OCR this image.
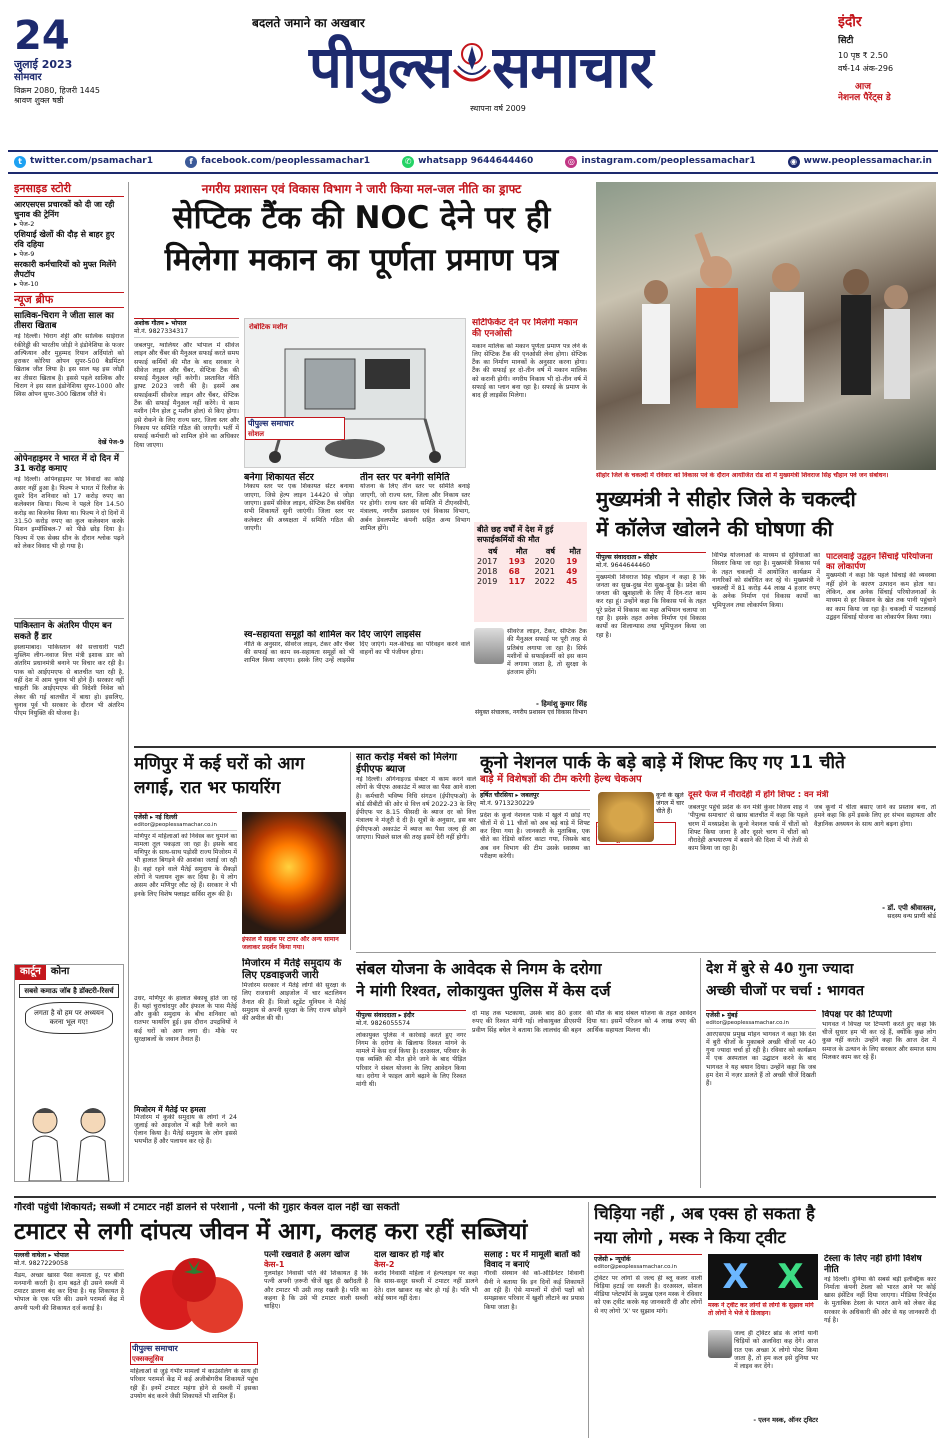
24
जुलाई 2023
सोमवार
विक्रम 2080, हिजरी 1445
श्रावण शुक्ल षष्ठी
बदलते जमाने का अखबार
पीपुल्स समाचार
स्थापना वर्ष 2009
इंदौर
सिटी
10 पृष्ठ ₹ 2.50
वर्ष-14 अंक-296
आज
नेशनल पैरेंट्स डे
t twitter.com/psamachar1	f facebook.com/peoplessamachar1	✆ whatsapp 9644644460	◎ instagram.com/peoplessamachar1	◉ www.peoplessamachar.in
इनसाइड स्टोरी
आरएसएस प्रचारकों को दी जा रही चुनाव की ट्रेनिंग
▸ पेज-2
एशियाई खेलों की दौड़ से बाहर हुए रवि दहिया
▸ पेज-9
सरकारी कर्मचारियों को मुफ्त मिलेंगे लैपटॉप
▸ पेज-10
न्यूज ब्रीफ
सात्विक-चिराग ने जीता साल का तीसरा खिताब
नई दिल्ली। चिराग शेट्टी और सात्विक साईराज रंकीरेड्डी की भारतीय जोड़ी ने इंडोनेशिया के फजर अल्फियान और मुहम्मद रियान अर्दियांतो को हराकर कोरिया ओपन सुपर-500 बैडमिंटन खिताब जीत लिया है। इस साल यह इस जोड़ी का तीसरा खिताब है। इससे पहले सात्विक और चिराग ने इस साल इंडोनेशिया सुपर-1000 और स्विस ओपन सुपर-300 खिताब जीते थे।
देखें पेज-9
ओपेनहाइमर ने भारत में दो दिन में 31 करोड़ कमाए
नई दिल्ली। ओपेनहाइमर पर विवादों का कोई असर नहीं हुआ है। फिल्म ने भारत में रिलीज के दूसरे दिन शनिवार को 17 करोड़ रुपए का कलेक्शन किया। फिल्म ने पहले दिन 14.50 करोड़ का बिजनेस किया था। फिल्म ने दो दिनों में 31.50 करोड़ रुपए का कुल कलेक्शन करके मिशन इम्पॉसिबल-7 को पीछे छोड़ दिया है। फिल्म में एक सेक्स सीन के दौरान श्लोक पढ़ने को लेकर विवाद भी हो गया है।
पाकिस्तान के अंतरिम पीएम बन सकते हैं डार
इस्लामाबाद। पाकिस्तान की सत्ताधारी पार्टी मुस्लिम लीग-नवाज वित्त मंत्री इशाक डार को अंतरिम प्रधानमंत्री बनाने पर विचार कर रही है। पाक को आईएमएफ से बातचीत पता रही है, वहीं देश में आम चुनाव भी होने हैं। सरकार नहीं चाहती कि आईएमएफ की विदेशी निवेश को लेकर की गई बातचीत में बाधा हो। इसलिए, चुनाव पूर्व भी सरकार के दौरान भी अंतरिम पीएम नियुक्ति की योजना है।
कार्टून	कोना
सबसे कमाऊ जॉब है डॉक्टरी-रिसर्च
लगता है वो हम पर अध्ययन करना भूल गए!
नगरीय प्रशासन एवं विकास विभाग ने जारी किया मल-जल नीति का ड्राफ्ट
सेप्टिक टैंक की NOC देने पर ही
मिलेगा मकान का पूर्णता प्रमाण पत्र
अशोक गौतम ▸ भोपाल
मो.नं. 9827334317
रोबोटिक मशीन
पीपुल्स समाचार
सोशल
जबलपुर, ग्वालियर और भोपाल में सीवेज लाइन और चैंबर की मैनुअल सफाई करते समय सफाई कर्मियों की मौत के बाद सरकार ने सीवेज लाइन और चैंबर, सेप्टिक टैंक की सफाई मैनुअल नहीं करेगी। प्रस्तावित नीति ड्राफ्ट 2023 जारी की है। इसमें अब सफाईकर्मी सीवरेज लाइन और चैंबर, सेप्टिक टैंक की सफाई मैनुअल नहीं करेंगे। ये काम मशीन (मैन होल टू मशीन होल) से किए होगा। इसे रोकने के लिए राज्य स्तर, जिला स्तर और निकाय पर समिति गठित की जाएगी। भर्ती में सफाई कर्मचारी को शामिल होने का अधिकार दिया जाएगा।
सर्टिफिकेट देने पर मिलेगी मकान की एनओसी
मकान मालिक को मकान पूर्णता प्रमाण पत्र लेने के लिए सेप्टिक टैंक की एनओसी लेना होगा। सेप्टिक टैंक का निर्माण मानकों के अनुसार करना होगा। टैंक की सफाई हर दो-तीन वर्ष में मकान मालिक को करानी होगी। नगरीय निकाय भी दो-तीन वर्ष में सफाई का प्लान बना रहा है। सफाई के प्रमाण के बाद ही लाइसेंस मिलेगा।
बनेगा शिकायत सेंटर
निकाय स्तर पर एक शिकायत सेंटर बनाया जाएगा, जिसे हेल्प लाइन 14420 से जोड़ा जाएगा। इसमें सीवेज लाइन, सेप्टिक टैंक संबंधित सभी शिकायतें सुनी जाएंगी। जिला स्तर पर कलेक्टर की अध्यक्षता में समिति गठित की जाएगी।
तीन स्तर पर बनेगी समिति
योजना के लिए तीन स्तर पर समिति बनाई जाएगी, जो राज्य स्तर, जिला और निकाय स्तर पर होगी। राज्य स्तर की समिति में टीएनसीपी, मंत्रालय, नगरीय प्रशासन एवं विकास विभाग, अर्बन डेवलपमेंट कंपनी सहित अन्य विभाग शामिल होंगे।	बीते छह वर्षों में देश में हुई सफाईकर्मियों की मौत
वर्ष	मौत	वर्ष	मौत
2017	193	2020	19
2018	68	2021	49
2019	117	2022	45
स्व-सहायता समूहों को शामिल कर दिए जाएंगे लाइसेंस
नीति के अनुसार, सीवरेज लाइन, टेंकर और चैंबर की सफाई का काम स्व-सहायता समूहों को भी शामिल किया जाएगा। इसके लिए उन्हें लाइसेंस दिए जाएंगे। मल-कीचड़ का परिवहन करने वाले वाहनों का भी पंजीयन होगा।
सीवरेज लाइन, टैंकर, सेप्टिक टैंक की मैनुअल सफाई पर पूरी तरह से प्रतिबंध लगाया जा रहा है। सिर्फ मशीनों से सफाईकर्मी को इस काम में लगाया जाता है, तो सुरक्षा के इंतजाम होंगे।
- हिमांशु कुमार सिंह
संयुक्त संचालक, नगरीय प्रशासन एवं विकास विभाग
सीहोर जिले के चकल्दी में रविवार को विकास पर्व के दौरान आयोजित रोड शो में मुख्यमंत्री शिवराज सिंह चौहान पर्व जन संबोधन।
मुख्यमंत्री ने सीहोर जिले के चकल्दी
में कॉलेज खोलने की घोषणा की
पीपुल्स संवाददाता ▸ सीहोर
मो.नं. 9644644460
मुख्यमंत्री शिवराज सिंह चौहान ने कहा है कि जनता का सुख-दुख मेरा सुख-दुख है। प्रदेश की जनता की खुशहाली के लिए मैं दिन-रात काम कर रहा हूं। उन्होंने कहा कि विकास पर्व के तहत पूरे प्रदेश में विकास का महा अभियान चलाया जा रहा है। इसके तहत अनेक निर्माण एवं विकास कार्यों का शिलान्यास तथा भूमिपूजन किया जा रहा है।
विभिन्न योजनाओं के माध्यम से सुविधाओं का विस्तार किया जा रहा है। मुख्यमंत्री विकास पर्व के तहत चकल्दी में आयोजित कार्यक्रम में नागरिकों को संबोधित कर रहे थे। मुख्यमंत्री ने चकल्दी में 81 करोड़ 44 लाख 4 हजार रुपए के अनेक निर्माण एवं विकास कार्यों का भूमिपूजन तथा लोकार्पण किया।
पाटलवाई उद्वहन सिंचाई परियोजना का लोकार्पण
मुख्यमंत्री ने कहा कि पहले सिंचाई की व्यवस्था नहीं होने के कारण उत्पादन कम होता था। लेकिन, अब अनेक सिंचाई परियोजनाओं के माध्यम से हर किसान के खेत तक पानी पहुंचाने का काम किया जा रहा है। चकल्दी में पाटलवाई उद्वहन सिंचाई योजना का लोकार्पण किया गया।
मणिपुर में कई घरों को आग
लगाई, रात भर फायरिंग
एजेंसी ▸ नई दिल्ली
editor@peoplessamachar.co.in
मणिपुर में महिलाओं को निर्वस्त्र कर घुमाने का मामला तूल पकड़ता जा रहा है। इसके बाद मणिपुर के साथ-साथ पड़ोसी राज्य मिजोरम में भी हालात बिगड़ने की आशंका जताई जा रही है। वहां रहने वाले मैतेई समुदाय के सैकड़ों लोगों ने पलायन शुरू कर दिया है। ये लोग असम और मणिपुर लौट रहे हैं। सरकार ने भी इनके लिए विशेष फ्लाइट सर्विस शुरू की है।
उधर, मणिपुर के हालात बेकाबू होते जा रहे हैं। यहां चुराचांदपुर और इंफाल के पास मैतेई और कुकी समुदाय के बीच शनिवार को रातभर फायरिंग हुई। इस दौरान उपद्रवियों ने कई घरों को आग लगा दी। मौके पर सुरक्षाबलों के जवान तैनात हैं।
मिजोरम में मैतेई पर हमला
मिजोरम में कुकी समुदाय के लोगों ने 24 जुलाई को आइजोल में बड़ी रैली करने का ऐलान किया है। मैतेई समुदाय के लोग इससे भयभीत हैं और पलायन कर रहे हैं।
इंफाल में सड़क पर टायर और अन्य सामान जलाकर प्रदर्शन किया गया।
मिजोरम में मैतेई समुदाय के लिए एडवाइजरी जारी
मिजोरम सरकार ने मैतेई लोगों की सुरक्षा के लिए राजधानी आइजोल में चार बटालियन तैनात की हैं। मिजो स्टूडेंट यूनियन ने मैतेई समुदाय से अपनी सुरक्षा के लिए राज्य छोड़ने की अपील की थी।
सात करोड़ मेंबर्स को मिलेगा ईपीएफ ब्याज
नई दिल्ली। ऑर्गनाइज्ड सेक्टर में काम करने वाले लोगों के पीएफ अकाउंट में ब्याज का पैसा आने वाला है। कर्मचारी भविष्य निधि संगठन (ईपीएफओ) के बोर्ड सीबीटी की ओर से वित्त वर्ष 2022-23 के लिए ईपीएफ पर 8.15 फीसदी के ब्याज दर को वित्त मंत्रालय ने मंजूरी दे दी है। सूत्रों के अनुसार, इस बार ईपीएफओ अकाउंट में ब्याज का पैसा जल्द ही आ जाएगा। पिछले साल की तरह इसमें देरी नहीं होगी।
कूनो नेशनल पार्क के बड़े बाड़े में शिफ्ट किए गए 11 चीते
बाड़े में विशेषज्ञों की टीम करेगी हेल्थ चेकअप
हर्षित चौरसिया ▸ जबलपुर
मो.नं. 9713230229
प्रदेश के कूनो नेशनल पार्क में खुले में छोड़े गए चीतों में से 11 चीतों को अब बड़े बाड़े में शिफ्ट कर दिया गया है। जानकारी के मुताबिक, एक चीते का रेडियो कॉलर काटा गया, जिसके बाद अब वन विभाग की टीम उसके स्वास्थ्य का परीक्षण करेगी।
कूनो के खुले जंगल में चार चीते हैं।
दूसरे फेज में नौरादेही में होंगे शिफ्ट : वन मंत्री
जबलपुर पहुंचे प्रदेश के वन मंत्री कुंवर विजय शाह ने 'पीपुल्स समाचार' से खास बातचीत में कहा कि पहले चरण में मध्यप्रदेश के कूनो नेशनल पार्क में चीतों को शिफ्ट किया जाना है और दूसरे चरण में चीतों को नौरादेही अभयारण्य में बसाने की दिशा में भी तेजी से काम किया जा रहा है।
जब कूनो में चीता बसाए जाने का प्रस्ताव बना, तो हमने कहा कि हमें इसके लिए हर संभव सहायता और वैज्ञानिक अध्ययन के साथ आगे बढ़ना होगा।
- डॉ. एपी श्रीवास्तव,
सदस्य वन्य प्राणी बोर्ड
संबल योजना के आवेदक से निगम के दरोगा
ने मांगी रिश्वत, लोकायुक्त पुलिस में केस दर्ज
पीपुल्स संवाददाता ▸ इंदौर
मो.नं. 9826055574
लोकायुक्त पुलिस ने कार्रवाई करते हुए नगर निगम के दरोगा के खिलाफ रिश्वत मांगने के मामले में केस दर्ज किया है। दरअसल, परिवार के एक व्यक्ति की मौत होने जाने के बाद पीड़ित परिवार ने संबल योजना के लिए आवेदन किया था। दरोगा ने फाइल आगे बढ़ाने के लिए रिश्वत मांगी थी।
दो माह तक भटकाया, उसके बाद 80 हजार रुपए की रिश्वत मांगी गई। लोकायुक्त डीएसपी प्रवीण सिंह बघेल ने बताया कि लालचंद की बहन की मौत के बाद संबल योजना के तहत आवेदन दिया था। इसमें परिजन को 4 लाख रुपए की आर्थिक सहायता मिलना थी।
देश में बुरे से 40 गुना ज्यादा
अच्छी चीजों पर चर्चा : भागवत
एजेंसी ▸ मुंबई
editor@peoplessamachar.co.in
आरएसएस प्रमुख मोहन भागवत ने कहा कि देश में बुरी चीजों के मुकाबले अच्छी चीजों पर 40 गुना ज्यादा चर्चा हो रही है। रविवार को कार्यक्रम में एक अस्पताल का उद्घाटन करने के बाद भागवत ने यह बयान दिया। उन्होंने कहा कि जब हम देश में नज़र डालते हैं तो अच्छी चीजें दिखती हैं।
विपक्ष पर की टिप्पणी
भागवत ने विपक्ष पर टिप्पणी करते हुए कहा कि चीजें सुधार हम भी कर रहे हैं, क्योंकि कुछ लोग कुछ नहीं करते। उन्होंने कहा कि आज देश में समाज के उत्थान के लिए सरकार और समाज साथ मिलकर काम कर रहे हैं।
गौरवी पहुंची शिकायतें; सब्जी में टमाटर नहीं डालने से परेशानी , पत्नी की गुहार केवल दाल नहीं खा सकती
टमाटर से लगी दांपत्य जीवन में आग, कलह करा रहीं सब्जियां
पल्लवी वाघेला ▸ भोपाल
मो.नं. 9827229058
मैडम, अच्छा खासा पैसा कमाता हूं, पर बीवी मनमानी करती है। दाम बढ़ते ही उसने सब्जी में टमाटर डालना बंद कर दिया है। यह शिकायत है भोपाल के एक पति की। उसने परामर्श केंद्र में अपनी पत्नी की शिकायत दर्ज कराई है।
पीपुल्स समाचार
एक्सक्लूसिव
महिलाओं से जुड़े गंभीर मामलों में काउंसलिंग के साथ ही परिवार परामर्श केंद्र में कई अजीबोगरीब शिकायतें पहुंच रही हैं। इनमें टमाटर महंगा होने से सब्जी में इसका उपयोग बंद करने जैसी शिकायतें भी शामिल हैं।
पत्नी रखवाते है अलग खोज
केस-1
गुलमोहर निवासी पति की शिकायत है कि पत्नी अपनी ज़रूरी चीजें खुद ही खरीदती है और टमाटर भी उसी तरह रखती है। पति का कहना है कि उसे भी टमाटर वाली सब्जी चाहिए।
दाल खाकर हो गई बोर
केस-2
करोंद निवासी महिला ने हेल्पलाइन पर कहा कि सास-ससुर सब्जी में टमाटर नहीं डालने देते। दाल खाकर वह बोर हो गई है। पति भी कोई ध्यान नहीं देता।
सलाह : घर में मामूली बातों को विवाद न बनाएं
गौरवी संस्थान की को-ऑर्डिनेटर शिवानी सैनी ने बताया कि इन दिनों कई शिकायतें आ रही हैं। ऐसे मामलों में दोनों पक्षों को समझाकर परिवार में खुशी लौटाने का प्रयास किया जाता है।
चिड़िया नहीं , अब एक्स हो सकता है
नया लोगो , मस्क ने किया ट्वीट
एजेंसी ▸ न्यूयॉर्क
editor@peoplessamachar.co.in
ट्विटर पर लोगो से जल्द ही ब्लू कलर वाली चिड़िया हटाई जा सकती है। दरअसल, सोशल मीडिया प्लेटफॉर्म के प्रमुख एलन मस्क ने रविवार को एक ट्वीट करके यह जानकारी दी और लोगों से नए लोगो 'X' पर सुझाव मांगे।
X X
मस्क ने ट्वीट कर लोगों से लोगो के सुझाव मांगे तो लोगों ने भेजे ये डिजाइन।
जल्द ही ट्विटर ब्रांड के लोगो यानी चिड़ियों को अलविदा कह देंगे। आज रात एक अच्छा X लोगो पोस्ट किया जाता है, तो हम कल इसे दुनिया भर में लाइव कर देंगे।
- एलन मस्क, ऑनर ट्विटर
टेस्ला के लिए नहीं होगी विशेष नीति
नई दिल्ली। दुनिया की सबसे बड़ी इलेक्ट्रिक कार निर्माता कंपनी टेस्ला को भारत आने पर कोई खास इंसेंटिव नहीं दिया जाएगा। मीडिया रिपोर्ट्स के मुताबिक टेस्ला के भारत आने को लेकर केंद्र सरकार के अधिकारी की ओर से यह जानकारी दी गई है।
